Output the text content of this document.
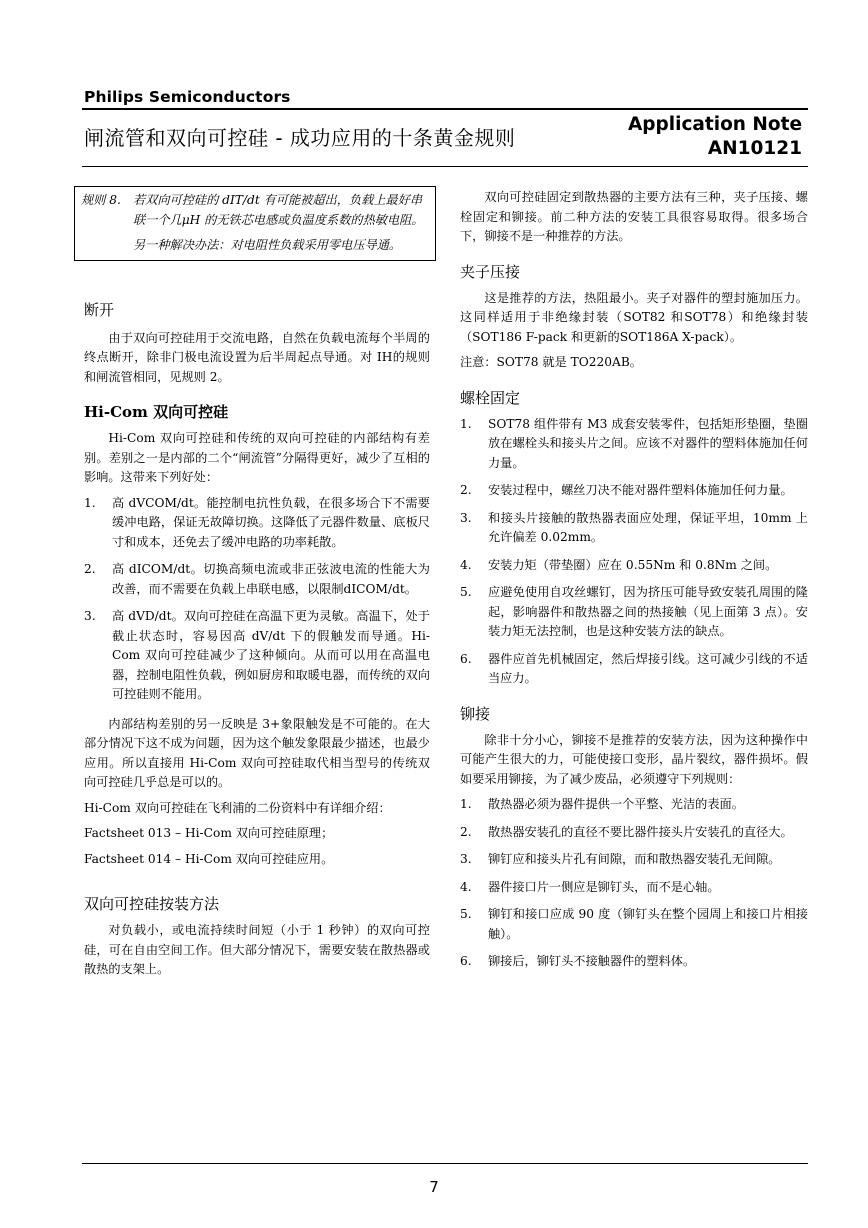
Philips Semiconductors
闸流管和双向可控硅 - 成功应用的十条黄金规则
Application Note
AN10121
规则 8. 若双向可控硅的 dIT/dt 有可能被超出，负载上最好串联一个几μH 的无铁芯电感或负温度系数的热敏电阻。
另一种解决办法：对电阻性负载采用零电压导通。
断开

由于双向可控硅用于交流电路，自然在负载电流每个半周的终点断开，除非门极电流设置为后半周起点导通。对 IH的规则和闸流管相同，见规则 2。

Hi-Com 双向可控硅

Hi-Com 双向可控硅和传统的双向可控硅的内部结构有差别。差别之一是内部的二个“闸流管”分隔得更好，减少了互相的影响。这带来下列好处：

1.	高 dVCOM/dt。能控制电抗性负载，在很多场合下不需要缓冲电路，保证无故障切换。这降低了元器件数量、底板尺寸和成本，还免去了缓冲电路的功率耗散。
2.	高 dICOM/dt。切换高频电流或非正弦波电流的性能大为改善，而不需要在负载上串联电感，以限制dICOM/dt。
3.	高 dVD/dt。双向可控硅在高温下更为灵敏。高温下，处于截止状态时，容易因高 dV/dt 下的假触发而导通。Hi-Com 双向可控硅减少了这种倾向。从而可以用在高温电器，控制电阻性负载，例如厨房和取暖电器，而传统的双向可控硅则不能用。

内部结构差别的另一反映是 3+象限触发是不可能的。在大部分情况下这不成为问题，因为这个触发象限最少描述，也最少应用。所以直接用 Hi-Com 双向可控硅取代相当型号的传统双向可控硅几乎总是可以的。

Hi-Com 双向可控硅在飞利浦的二份资料中有详细介绍：

Factsheet 013 – Hi-Com 双向可控硅原理；

Factsheet 014 – Hi-Com 双向可控硅应用。

双向可控硅按装方法

对负载小，或电流持续时间短（小于 1 秒钟）的双向可控硅，可在自由空间工作。但大部分情况下，需要安装在散热器或散热的支架上。

双向可控硅固定到散热器的主要方法有三种，夹子压接、螺栓固定和铆接。前二种方法的安装工具很容易取得。很多场合下，铆接不是一种推荐的方法。

夹子压接

这是推荐的方法，热阻最小。夹子对器件的塑封施加压力。这同样适用于非绝缘封装（SOT82 和SOT78）和绝缘封装（SOT186 F-pack 和更新的SOT186A X-pack）。

注意：SOT78 就是 TO220AB。

螺栓固定
1.	SOT78 组件带有 M3 成套安装零件，包括矩形垫圈，垫圈放在螺栓头和接头片之间。应该不对器件的塑料体施加任何力量。
2.	安装过程中，螺丝刀决不能对器件塑料体施加任何力量。
3.	和接头片接触的散热器表面应处理，保证平坦，10mm 上允许偏差 0.02mm。
4.	安装力矩（带垫圈）应在 0.55Nm 和 0.8Nm 之间。
5.	应避免使用自攻丝螺钉，因为挤压可能导致安装孔周围的隆起，影响器件和散热器之间的热接触（见上面第 3 点）。安装力矩无法控制，也是这种安装方法的缺点。
6.	器件应首先机械固定，然后焊接引线。这可减少引线的不适当应力。
铆接

除非十分小心，铆接不是推荐的安装方法，因为这种操作中可能产生很大的力，可能使接口变形，晶片裂纹，器件损坏。假如要采用铆接，为了减少废品，必须遵守下列规则：

1.	散热器必须为器件提供一个平整、光洁的表面。
2.	散热器安装孔的直径不要比器件接头片安装孔的直径大。
3.	铆钉应和接头片孔有间隙，而和散热器安装孔无间隙。
4.	器件接口片一侧应是铆钉头，而不是心轴。
5.	铆钉和接口应成 90 度（铆钉头在整个园周上和接口片相接触）。
6.	铆接后，铆钉头不接触器件的塑料体。
7
